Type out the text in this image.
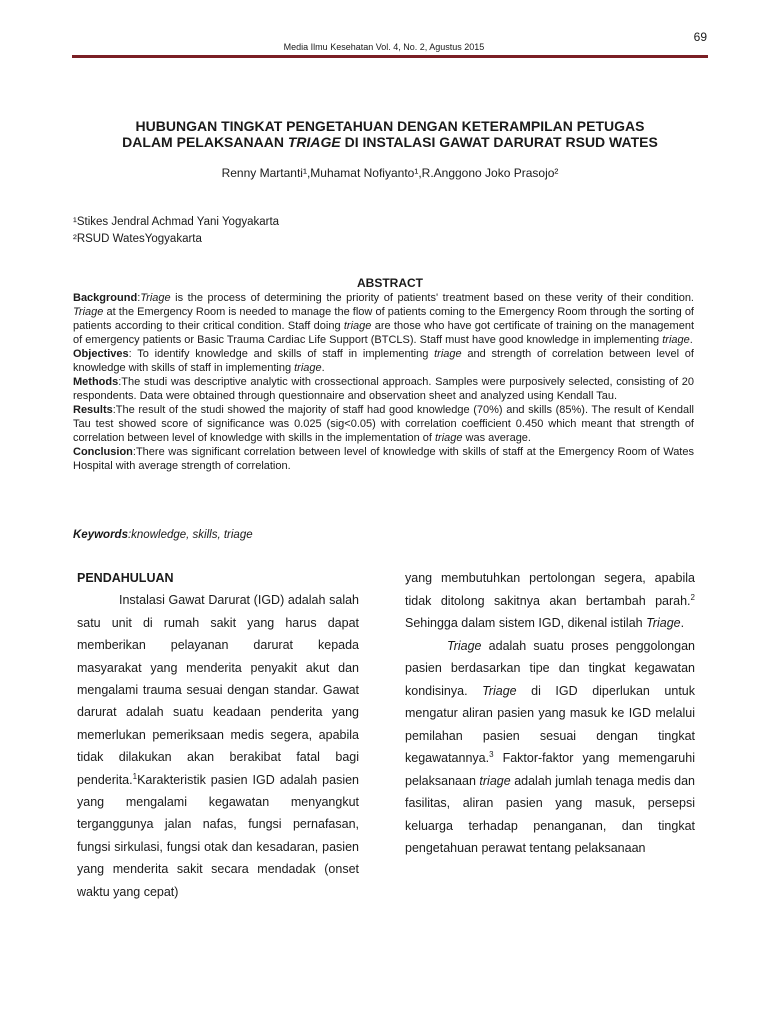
69
Media Ilmu Kesehatan Vol. 4, No. 2, Agustus 2015
HUBUNGAN TINGKAT PENGETAHUAN DENGAN KETERAMPILAN PETUGAS
DALAM PELAKSANAAN TRIAGE DI INSTALASI GAWAT DARURAT RSUD WATES
Renny Martanti¹,Muhamat Nofiyanto¹,R.Anggono Joko Prasojo²
¹Stikes Jendral Achmad Yani Yogyakarta
²RSUD WatesYogyakarta
ABSTRACT

Background:Triage is the process of determining the priority of patients' treatment based on these verity of their condition. Triage at the Emergency Room is needed to manage the flow of patients coming to the Emergency Room through the sorting of patients according to their critical condition. Staff doing triage are those who have got certificate of training on the management of emergency patients or Basic Trauma Cardiac Life Support (BTCLS). Staff must have good knowledge in implementing triage.

Objectives: To identify knowledge and skills of staff in implementing triage and strength of correlation between level of knowledge with skills of staff in implementing triage.

Methods:The studi was descriptive analytic with crossectional approach. Samples were purposively selected, consisting of 20 respondents. Data were obtained through questionnaire and observation sheet and analyzed using Kendall Tau.

Results:The result of the studi showed the majority of staff had good knowledge (70%) and skills (85%). The result of Kendall Tau test showed score of significance was 0.025 (sig<0.05) with correlation coefficient 0.450 which meant that strength of correlation between level of knowledge with skills in the implementation of triage was average.

Conclusion:There was significant correlation between level of knowledge with skills of staff at the Emergency Room of Wates Hospital with average strength of correlation.

Keywords:knowledge, skills, triage

PENDAHULUAN

Instalasi Gawat Darurat (IGD) adalah salah satu unit di rumah sakit yang harus dapat memberikan pelayanan darurat kepada masyarakat yang menderita penyakit akut dan mengalami trauma sesuai dengan standar. Gawat darurat adalah suatu keadaan penderita yang memerlukan pemeriksaan medis segera, apabila tidak dilakukan akan berakibat fatal bagi penderita.$^1$Karakteristik pasien IGD adalah pasien yang mengalami kegawatan menyangkut terganggunya jalan nafas, fungsi pernafasan, fungsi sirkulasi, fungsi otak dan kesadaran, pasien yang menderita sakit secara mendadak (onset waktu yang cepat)

yang membutuhkan pertolongan segera, apabila tidak ditolong sakitnya akan bertambah parah.$^2$ Sehingga dalam sistem IGD, dikenal istilah Triage.

Triage adalah suatu proses penggolongan pasien berdasarkan tipe dan tingkat kegawatan kondisinya. Triage di IGD diperlukan untuk mengatur aliran pasien yang masuk ke IGD melalui pemilahan pasien sesuai dengan tingkat kegawatannya.$^3$ Faktor-faktor yang memengaruhi pelaksanaan triage adalah jumlah tenaga medis dan fasilitas, aliran pasien yang masuk, persepsi keluarga terhadap penanganan, dan tingkat pengetahuan perawat tentang pelaksanaan
